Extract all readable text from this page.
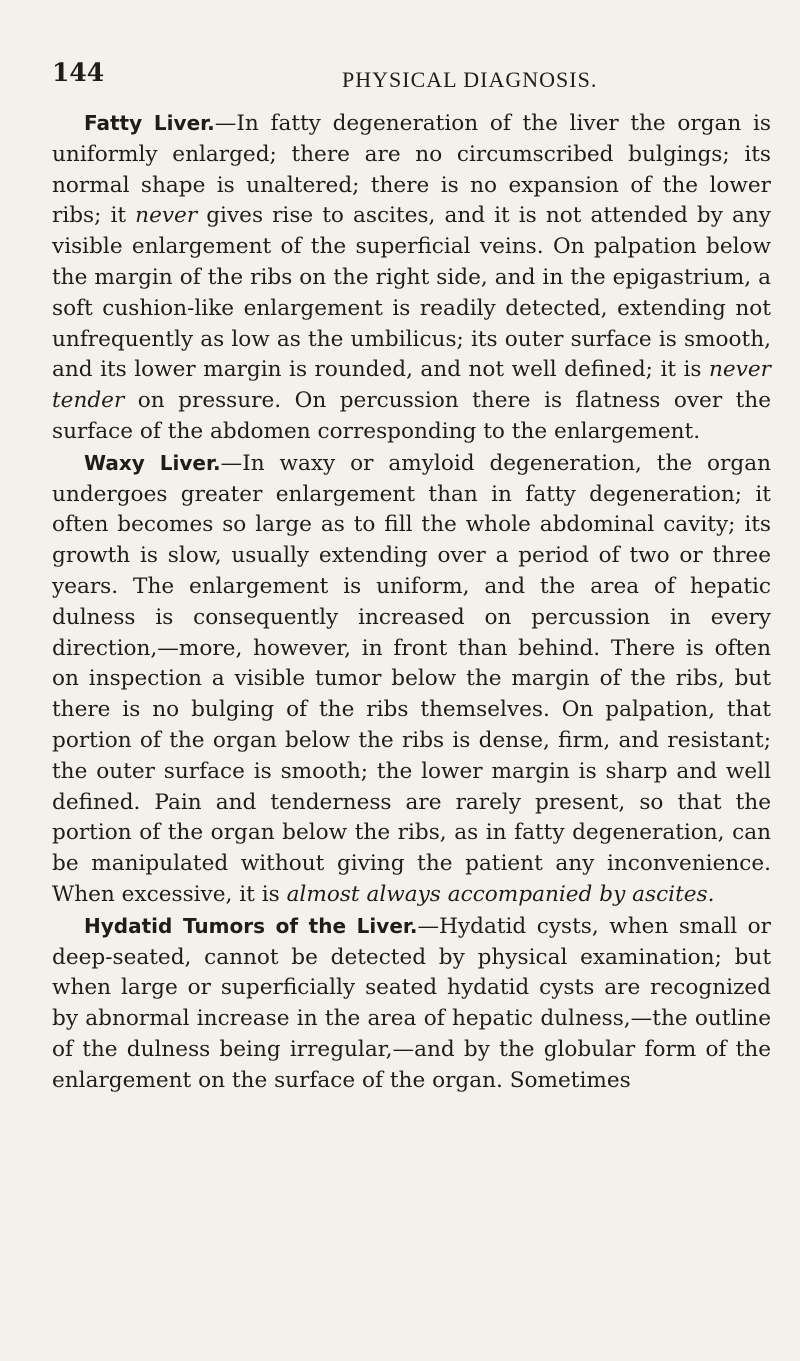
144	PHYSICAL DIAGNOSIS.

Fatty Liver.—In fatty degeneration of the liver the organ is uniformly enlarged; there are no circumscribed bulgings; its normal shape is unaltered; there is no expansion of the lower ribs; it never gives rise to ascites, and it is not attended by any visible enlargement of the superficial veins. On palpation below the margin of the ribs on the right side, and in the epigastrium, a soft cushion-like enlargement is readily detected, extending not unfrequently as low as the umbilicus; its outer surface is smooth, and its lower margin is rounded, and not well defined; it is never tender on pressure. On percussion there is flatness over the surface of the abdomen corresponding to the enlargement.

Waxy Liver.—In waxy or amyloid degeneration, the organ undergoes greater enlargement than in fatty degeneration; it often becomes so large as to fill the whole abdominal cavity; its growth is slow, usually extending over a period of two or three years. The enlargement is uniform, and the area of hepatic dulness is consequently increased on percussion in every direction,—more, however, in front than behind. There is often on inspection a visible tumor below the margin of the ribs, but there is no bulging of the ribs themselves. On palpation, that portion of the organ below the ribs is dense, firm, and resistant; the outer surface is smooth; the lower margin is sharp and well defined. Pain and tenderness are rarely present, so that the portion of the organ below the ribs, as in fatty degeneration, can be manipulated without giving the patient any inconvenience. When excessive, it is almost always accompanied by ascites.

Hydatid Tumors of the Liver.—Hydatid cysts, when small or deep-seated, cannot be detected by physical examination; but when large or superficially seated hydatid cysts are recognized by abnormal increase in the area of hepatic dulness,—the outline of the dulness being irregular,—and by the globular form of the enlargement on the surface of the organ. Sometimes
